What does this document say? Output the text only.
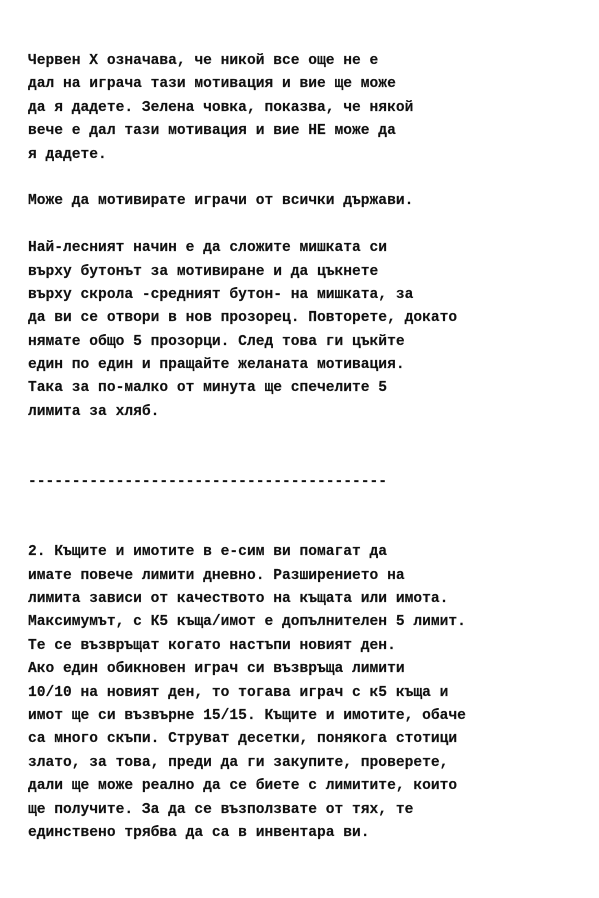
Червен X означава, че никой все още не е
дал на играча тази мотивация и вие ще може
да я дадете. Зелена човка, показва, че някой
вече е дал тази мотивация и вие НЕ може да
я дадете.
Може да мотивирате играчи от всички държави.
Най-лесният начин е да сложите мишката си
върху бутонът за мотивиране и да цъкнете
върху скрола -средният бутон- на мишката, за
да ви се отвори в нов прозорец. Повторете, докато
нямате общо 5 прозорци. След това ги цъкйте
един по един и пращайте желаната мотивация.
Така за по-малко от минута ще спечелите 5
лимита за хляб.
-----------------------------------------
2. Къщите и имотите в е-сим ви помагат да
имате повече лимити дневно. Разширението на
лимита зависи от качеството на къщата или имота.
Максимумът, с К5 къща/имот е допълнителен 5 лимит.
Те се възвръщат когато настъпи новият ден.
Ако един обикновен играч си възвръща лимити
10/10 на новият ден, то тогава играч с к5 къща и
имот ще си възвърне 15/15. Къщите и имотите, обаче
са много скъпи. Струват десетки, понякога стотици
злато, за това, преди да ги закупите, проверете,
дали ще може реално да се биете с лимитите, които
ще получите. За да се възползвате от тях, те
единствено трябва да са в инвентара ви.
